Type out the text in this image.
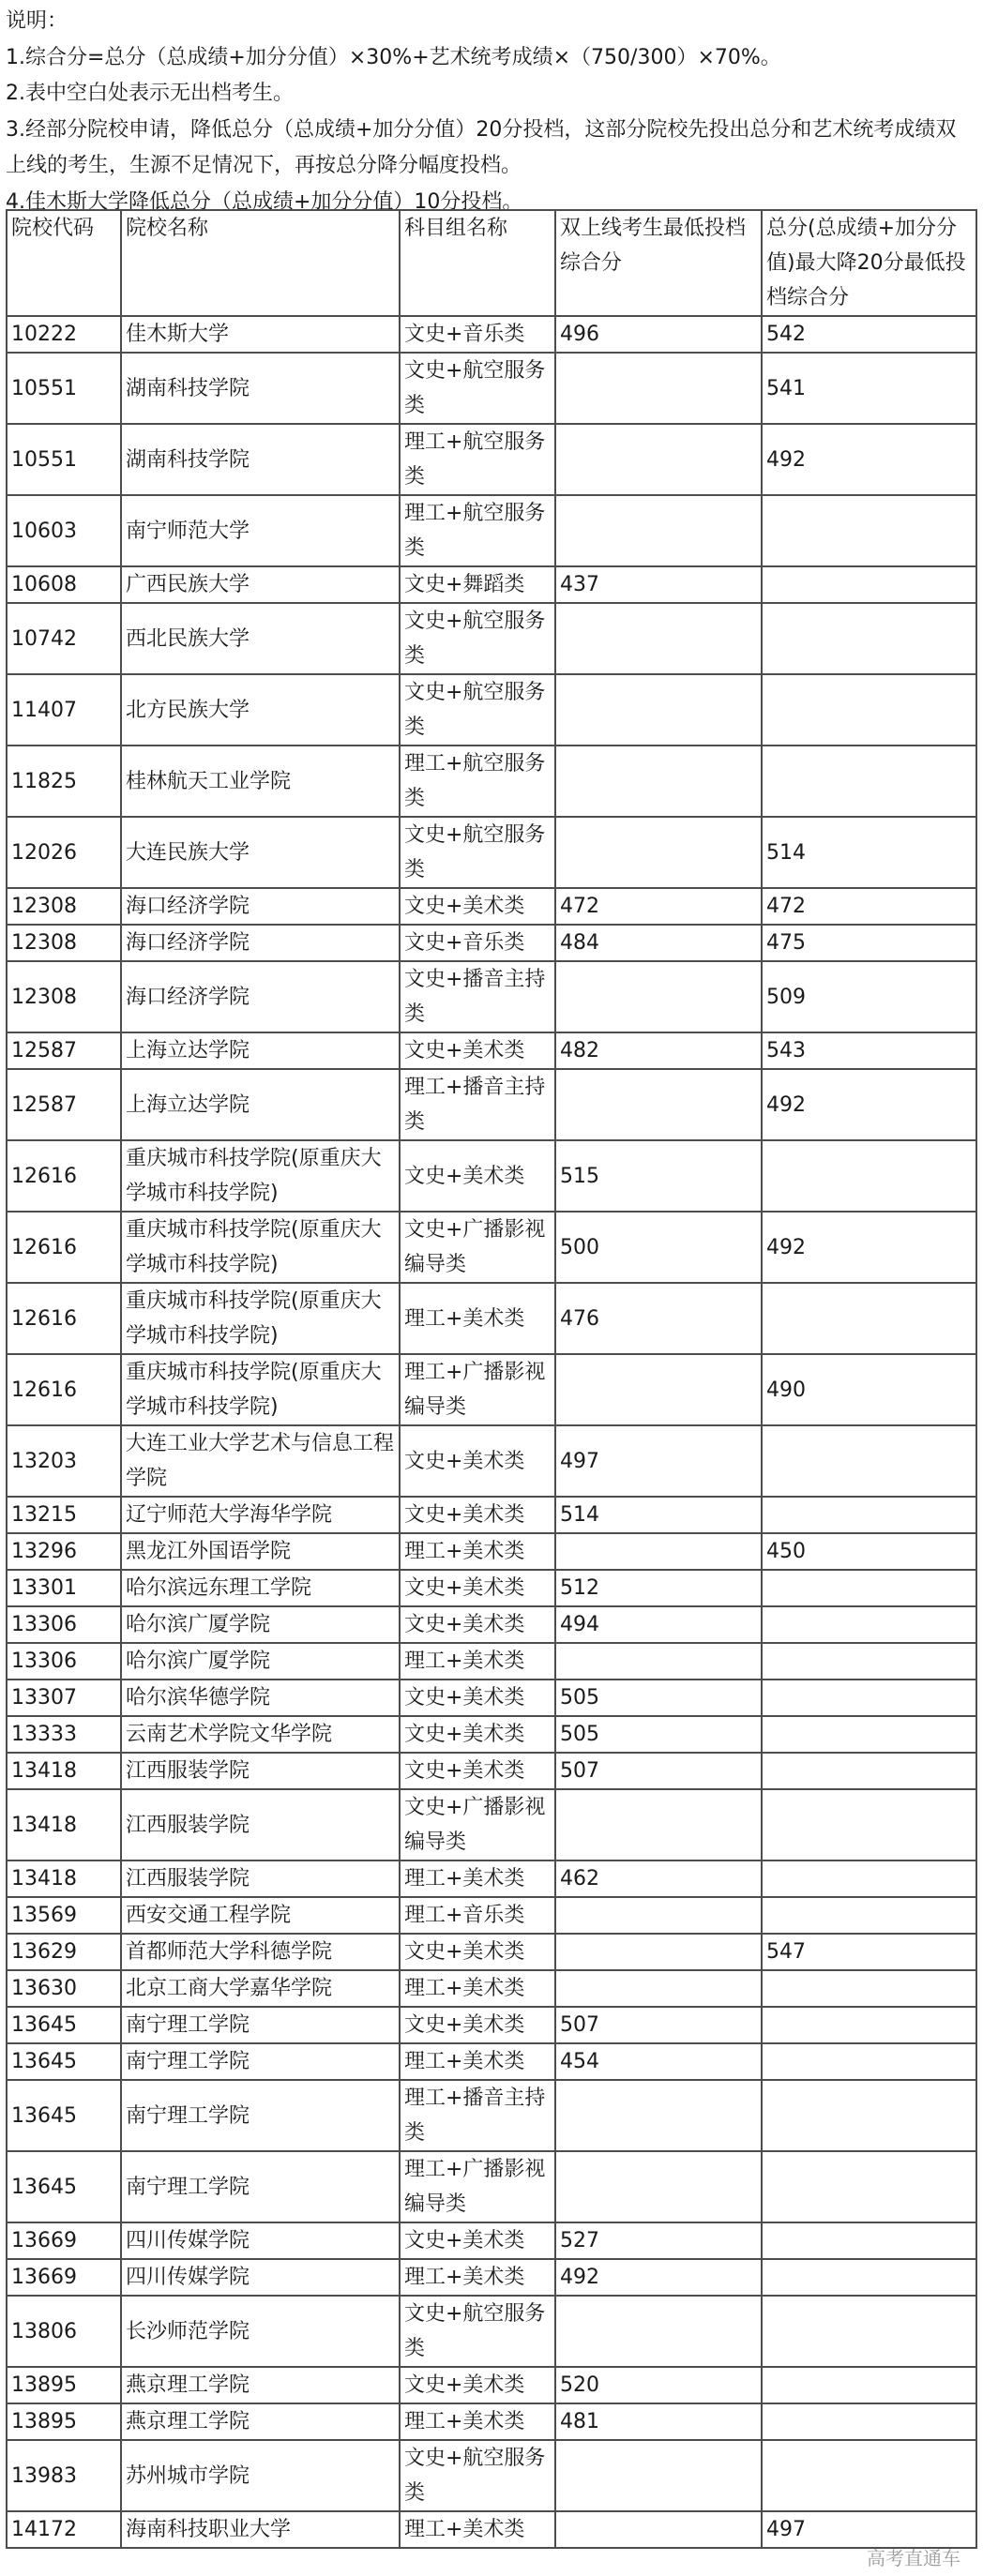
说明：
1.综合分=总分（总成绩+加分分值）×30%+艺术统考成绩×（750/300）×70%。
2.表中空白处表示无出档考生。
3.经部分院校申请，降低总分（总成绩+加分分值）20分投档，这部分院校先投出总分和艺术统考成绩双上线的考生，生源不足情况下，再按总分降分幅度投档。
4.佳木斯大学降低总分（总成绩+加分分值）10分投档。
院校代码	院校名称	科目组名称	双上线考生最低投档综合分	总分(总成绩+加分分值)最大降20分最低投档综合分
10222	佳木斯大学	文史+音乐类	496	542
10551	湖南科技学院	文史+航空服务类		541
10551	湖南科技学院	理工+航空服务类		492
10603	南宁师范大学	理工+航空服务类		
10608	广西民族大学	文史+舞蹈类	437	
10742	西北民族大学	文史+航空服务类		
11407	北方民族大学	文史+航空服务类		
11825	桂林航天工业学院	理工+航空服务类		
12026	大连民族大学	文史+航空服务类		514
12308	海口经济学院	文史+美术类	472	472
12308	海口经济学院	文史+音乐类	484	475
12308	海口经济学院	文史+播音主持类		509
12587	上海立达学院	文史+美术类	482	543
12587	上海立达学院	理工+播音主持类		492
12616	重庆城市科技学院(原重庆大学城市科技学院)	文史+美术类	515	
12616	重庆城市科技学院(原重庆大学城市科技学院)	文史+广播影视编导类	500	492
12616	重庆城市科技学院(原重庆大学城市科技学院)	理工+美术类	476	
12616	重庆城市科技学院(原重庆大学城市科技学院)	理工+广播影视编导类		490
13203	大连工业大学艺术与信息工程学院	文史+美术类	497	
13215	辽宁师范大学海华学院	文史+美术类	514	
13296	黑龙江外国语学院	理工+美术类		450
13301	哈尔滨远东理工学院	文史+美术类	512	
13306	哈尔滨广厦学院	文史+美术类	494	
13306	哈尔滨广厦学院	理工+美术类		
13307	哈尔滨华德学院	文史+美术类	505	
13333	云南艺术学院文华学院	文史+美术类	505	
13418	江西服装学院	文史+美术类	507	
13418	江西服装学院	文史+广播影视编导类		
13418	江西服装学院	理工+美术类	462	
13569	西安交通工程学院	理工+音乐类		
13629	首都师范大学科德学院	文史+美术类		547
13630	北京工商大学嘉华学院	理工+美术类		
13645	南宁理工学院	文史+美术类	507	
13645	南宁理工学院	理工+美术类	454	
13645	南宁理工学院	理工+播音主持类		
13645	南宁理工学院	理工+广播影视编导类		
13669	四川传媒学院	文史+美术类	527	
13669	四川传媒学院	理工+美术类	492	
13806	长沙师范学院	文史+航空服务类		
13895	燕京理工学院	文史+美术类	520	
13895	燕京理工学院	理工+美术类	481	
13983	苏州城市学院	文史+航空服务类		
14172	海南科技职业大学	理工+美术类		497
高考直通车
